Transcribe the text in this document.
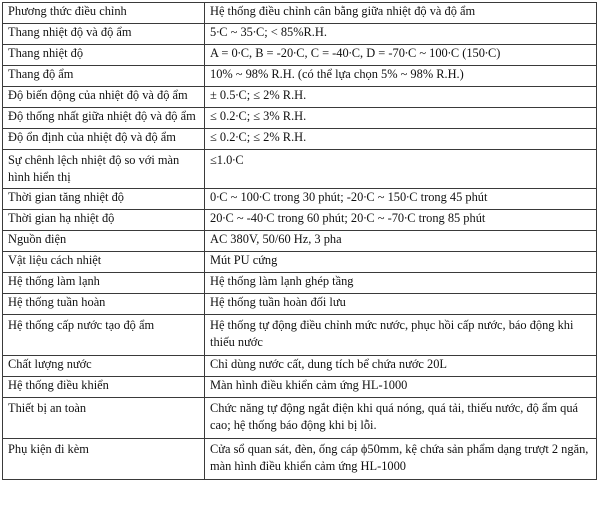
Phương thức điều chỉnh	Hệ thống điều chỉnh cân bằng giữa nhiệt độ và độ ẩm
Thang nhiệt độ và độ ẩm	5∙C ~ 35∙C; < 85%R.H.
Thang nhiệt độ	A = 0∙C, B = -20∙C, C = -40∙C, D = -70∙C ~ 100∙C (150∙C)
Thang độ ẩm	10% ~ 98% R.H. (có thể lựa chọn 5% ~ 98% R.H.)
Độ biến động của nhiệt độ và độ ẩm	± 0.5∙C; ≤ 2% R.H.
Độ thống nhất giữa nhiệt độ và độ ẩm	≤ 0.2∙C; ≤ 3% R.H.
Độ ổn định của nhiệt độ và độ ẩm	≤ 0.2∙C; ≤ 2% R.H.
Sự chênh lệch nhiệt độ so với màn hình hiển thị	≤1.0∙C
Thời gian tăng nhiệt độ	0∙C ~ 100∙C trong 30 phút; -20∙C ~ 150∙C trong 45 phút
Thời gian hạ nhiệt độ	20∙C ~ -40∙C trong 60 phút; 20∙C ~ -70∙C trong 85 phút
Nguồn điện	AC 380V, 50/60 Hz, 3 pha
Vật liệu cách nhiệt	Mút PU cứng
Hệ thống làm lạnh	Hệ thống làm lạnh ghép tầng
Hệ thống tuần hoàn	Hệ thống tuần hoàn đối lưu
Hệ thống cấp nước tạo độ ẩm	Hệ thống tự động điều chỉnh mức nước, phục hồi cấp nước, báo động khi thiếu nước
Chất lượng nước	Chỉ dùng nước cất, dung tích bể chứa nước 20L
Hệ thống điều khiển	Màn hình điều khiển cảm ứng HL-1000
Thiết bị an toàn	Chức năng tự động ngắt điện khi quá nóng, quá tải, thiếu nước, độ ẩm quá cao; hệ thống báo động khi bị lỗi.
Phụ kiện đi kèm	Cửa sổ quan sát, đèn, ống cáp ϕ50mm, kệ chứa sản phẩm dạng trượt 2 ngăn, màn hình điều khiển cảm ứng HL-1000
